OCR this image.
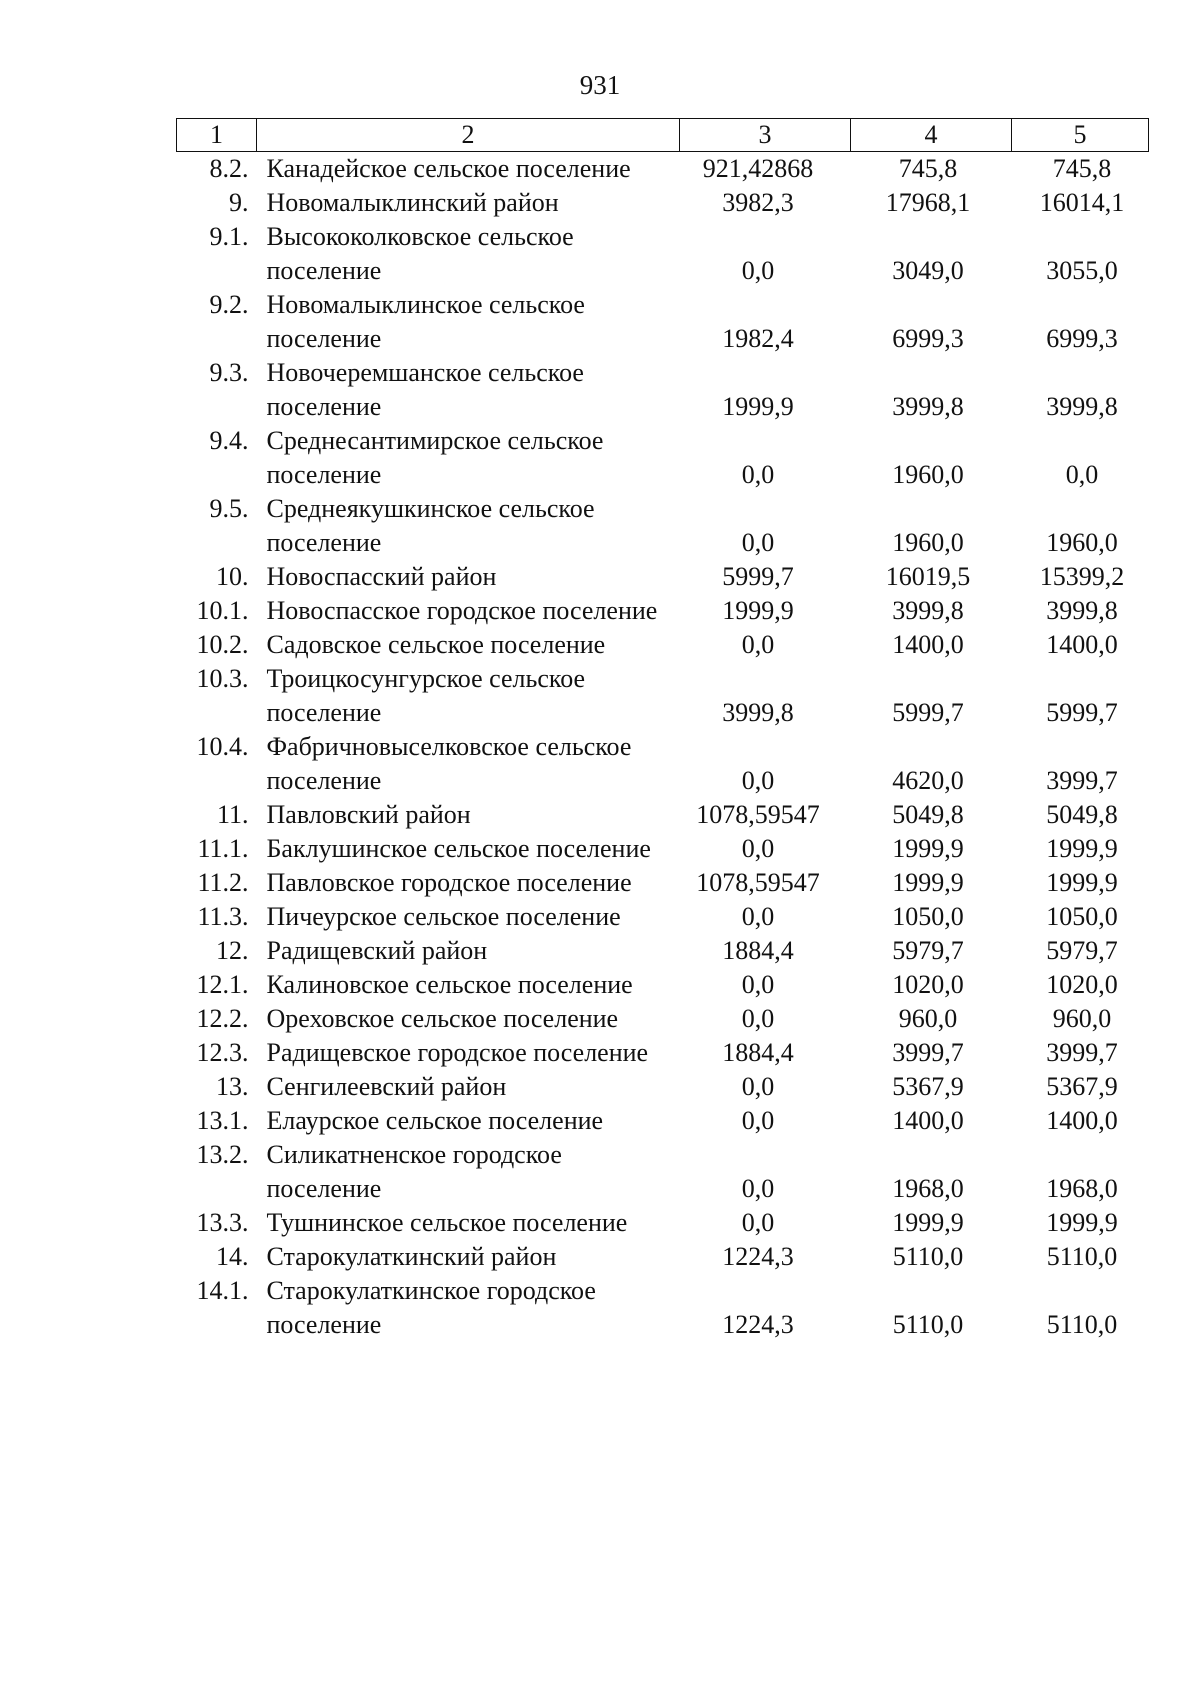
931
1	2	3	4	5
8.2.	Канадейское сельское поселение	921,42868	745,8	745,8
9.	Новомалыклинский район	3982,3	17968,1	16014,1
9.1.	Высококолковское сельское поселение	0,0	3049,0	3055,0
9.2.	Новомалыклинское сельское поселение	1982,4	6999,3	6999,3
9.3.	Новочеремшанское сельское поселение	1999,9	3999,8	3999,8
9.4.	Среднесантимирское сельское поселение	0,0	1960,0	0,0
9.5.	Среднеякушкинское сельское поселение	0,0	1960,0	1960,0
10.	Новоспасский район	5999,7	16019,5	15399,2
10.1.	Новоспасское городское поселение	1999,9	3999,8	3999,8
10.2.	Садовское сельское поселение	0,0	1400,0	1400,0
10.3.	Троицкосунгурское сельское поселение	3999,8	5999,7	5999,7
10.4.	Фабричновыселковское сельское поселение	0,0	4620,0	3999,7
11.	Павловский район	1078,59547	5049,8	5049,8
11.1.	Баклушинское сельское поселение	0,0	1999,9	1999,9
11.2.	Павловское городское поселение	1078,59547	1999,9	1999,9
11.3.	Пичеурское сельское поселение	0,0	1050,0	1050,0
12.	Радищевский район	1884,4	5979,7	5979,7
12.1.	Калиновское сельское поселение	0,0	1020,0	1020,0
12.2.	Ореховское сельское поселение	0,0	960,0	960,0
12.3.	Радищевское городское поселение	1884,4	3999,7	3999,7
13.	Сенгилеевский район	0,0	5367,9	5367,9
13.1.	Елаурское сельское поселение	0,0	1400,0	1400,0
13.2.	Силикатненское городское поселение	0,0	1968,0	1968,0
13.3.	Тушнинское сельское поселение	0,0	1999,9	1999,9
14.	Старокулаткинский район	1224,3	5110,0	5110,0
14.1.	Старокулаткинское городское поселение	1224,3	5110,0	5110,0
